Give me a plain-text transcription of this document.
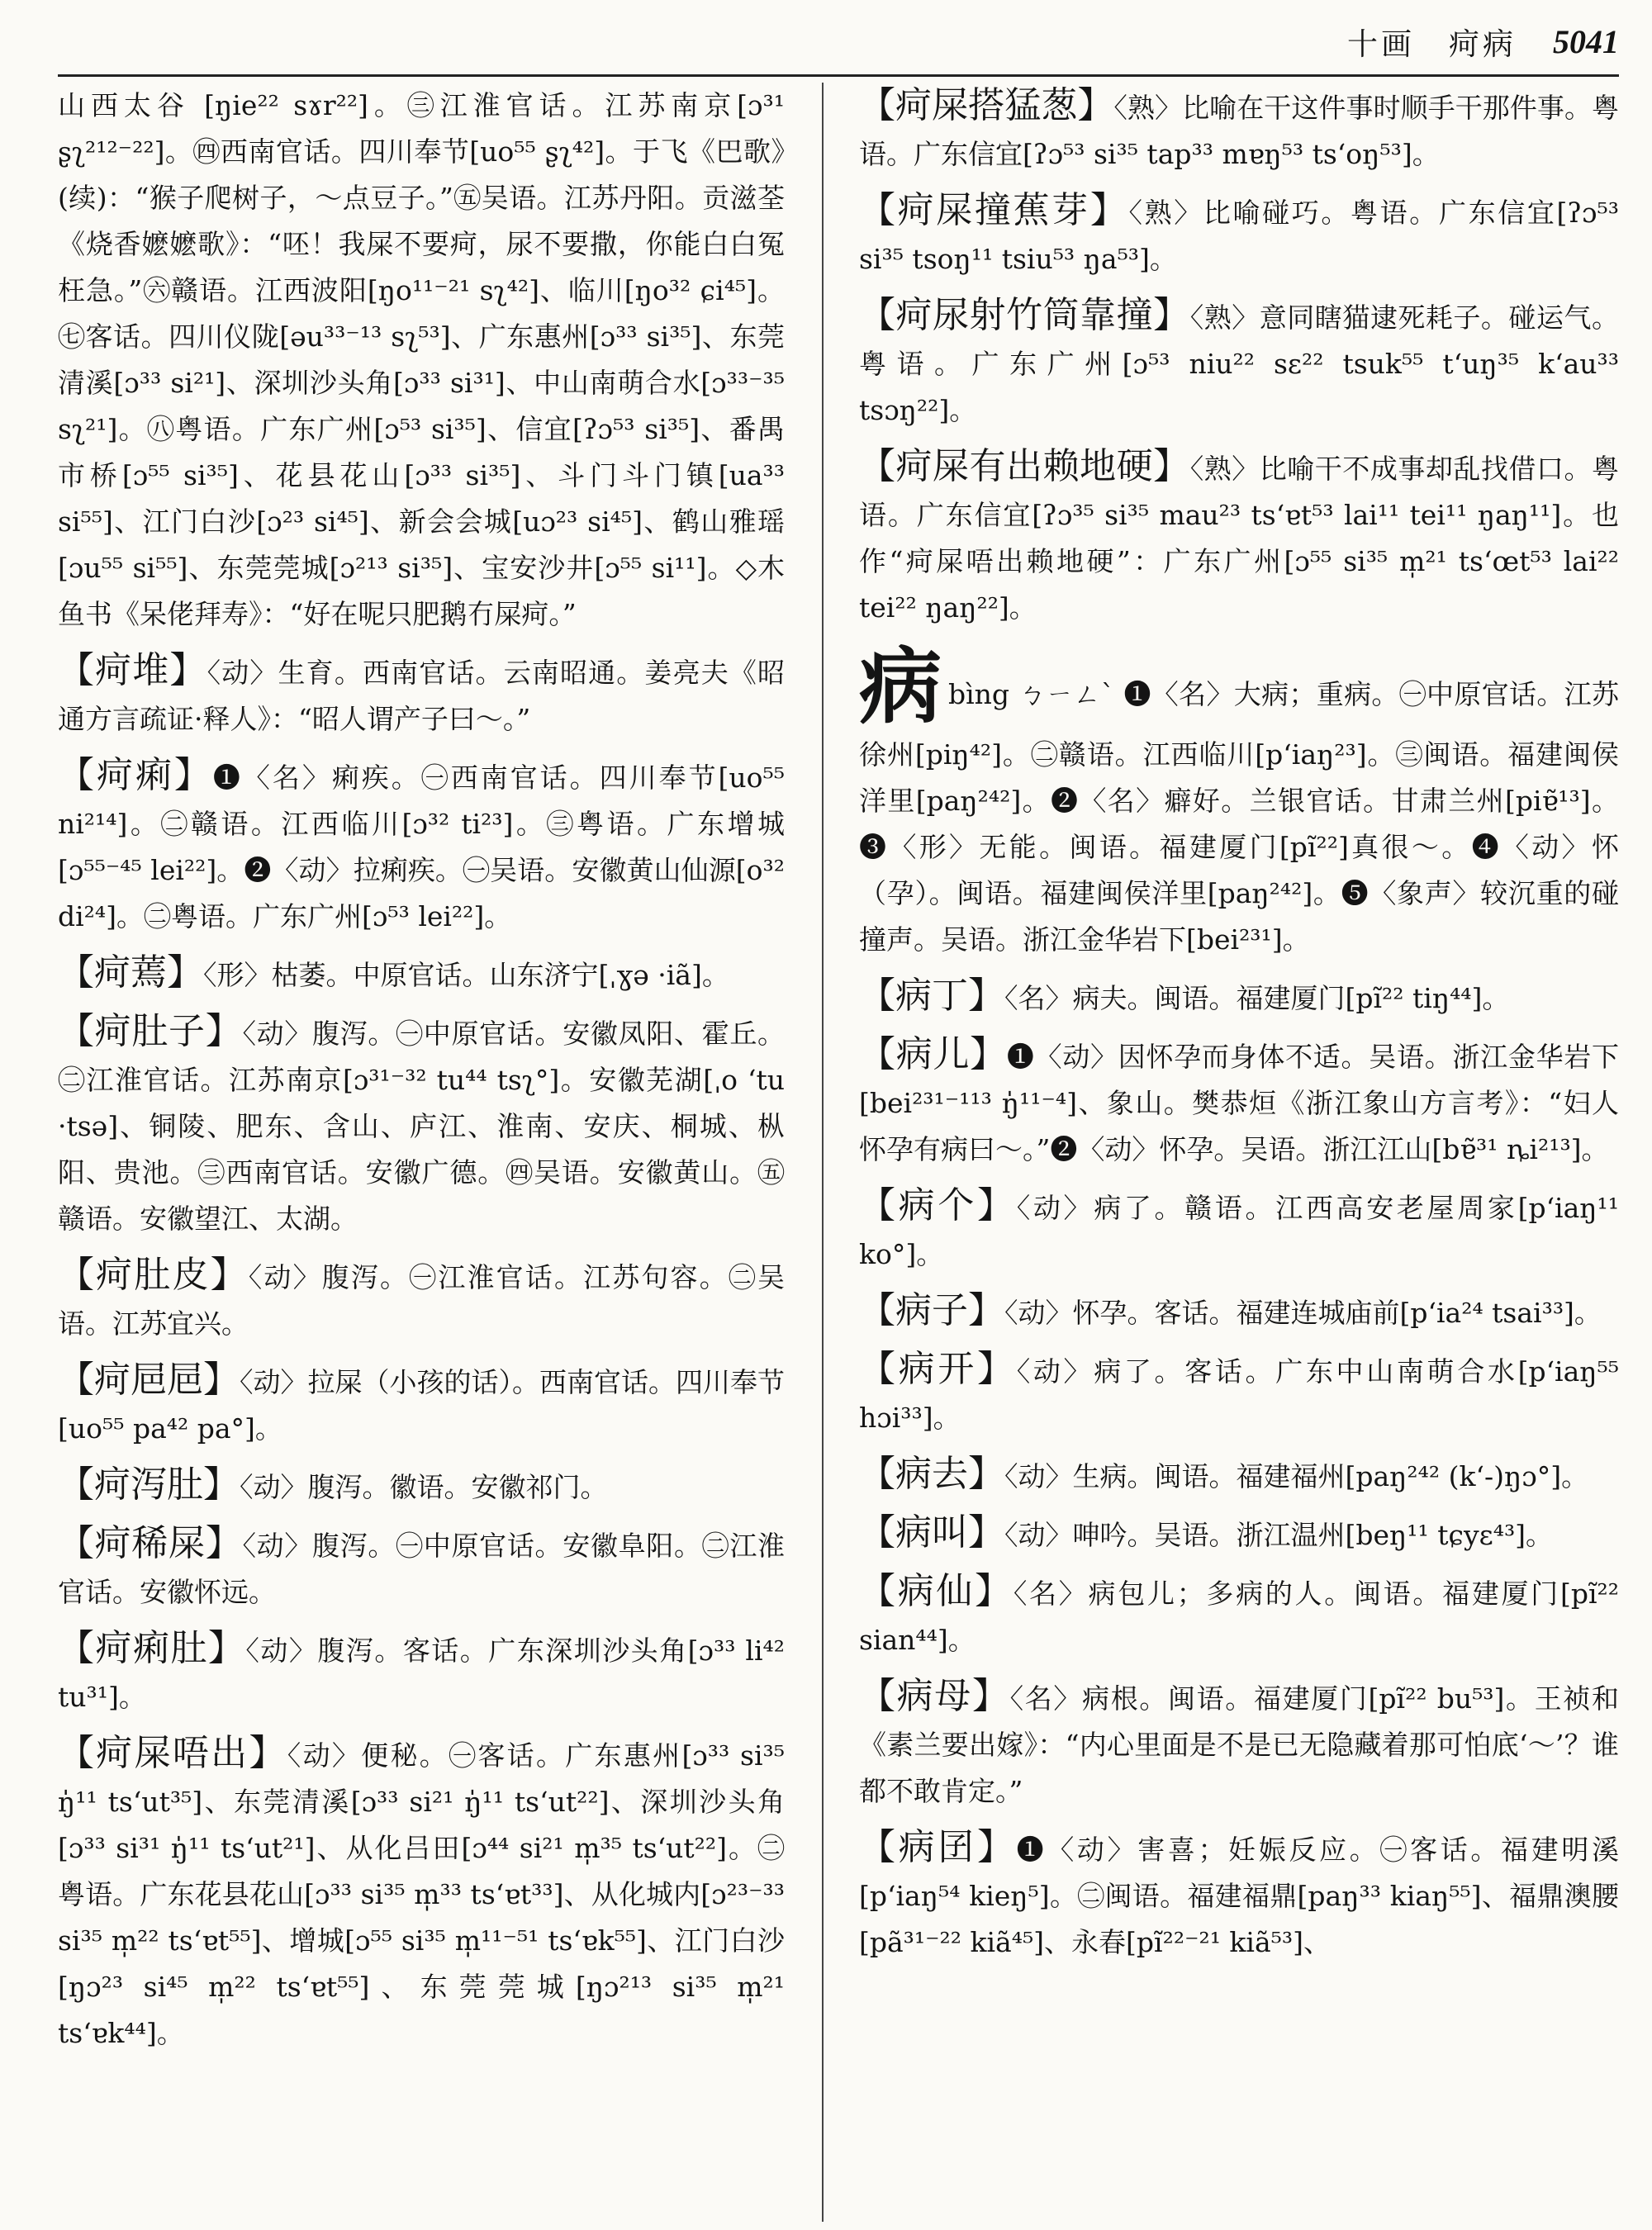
十画　疴病 5041

山西太谷 [ŋie²² sɤr²²]。㊂江淮官话。江苏南京[ɔ³¹ ʂʅ²¹²⁻²²]。㊃西南官话。四川奉节[uo⁵⁵ ʂʅ⁴²]。于飞《巴歌》(续)：“猴子爬树子，～点豆子。”㊄吴语。江苏丹阳。贡滋荃《烧香嬷嬷歌》：“呸！我屎不要疴，尿不要撒，你能白白冤枉急。”㊅赣语。江西波阳[ŋo¹¹⁻²¹ sʅ⁴²]、临川[ŋo³² ɕi⁴⁵]。㊆客话。四川仪陇[əu³³⁻¹³ sʅ⁵³]、广东惠州[ɔ³³ si³⁵]、东莞清溪[ɔ³³ si²¹]、深圳沙头角[ɔ³³ si³¹]、中山南萌合水[ɔ³³⁻³⁵ sʅ²¹]。㊇粤语。广东广州[ɔ⁵³ si³⁵]、信宜[ʔɔ⁵³ si³⁵]、番禺市桥[ɔ⁵⁵ si³⁵]、花县花山[ɔ³³ si³⁵]、斗门斗门镇[ua³³ si⁵⁵]、江门白沙[ɔ²³ si⁴⁵]、新会会城[uɔ²³ si⁴⁵]、鹤山雅瑶[ɔu⁵⁵ si⁵⁵]、东莞莞城[ɔ²¹³ si³⁵]、宝安沙井[ɔ⁵⁵ si¹¹]。◇木鱼书《呆佬拜寿》：“好在呢只肥鹅冇屎疴。”

【疴堆】〈动〉生育。西南官话。云南昭通。姜亮夫《昭通方言疏证·释人》：“昭人谓产子曰～。”

【疴痢】❶〈名〉痢疾。㊀西南官话。四川奉节[uo⁵⁵ ni²¹⁴]。㊁赣语。江西临川[ɔ³² ti²³]。㊂粤语。广东增城[ɔ⁵⁵⁻⁴⁵ lei²²]。❷〈动〉拉痢疾。㊀吴语。安徽黄山仙源[o³² di²⁴]。㊁粤语。广东广州[ɔ⁵³ lei²²]。

【疴蔫】〈形〉枯萎。中原官话。山东济宁[ˌɣə ·iã]。

【疴肚子】〈动〉腹泻。㊀中原官话。安徽凤阳、霍丘。㊁江淮官话。江苏南京[ɔ³¹⁻³² tu⁴⁴ tsʅ°]。安徽芜湖[ˌo ʻtu ·tsə]、铜陵、肥东、含山、庐江、淮南、安庆、桐城、枞阳、贵池。㊂西南官话。安徽广德。㊃吴语。安徽黄山。㊄赣语。安徽望江、太湖。

【疴肚皮】〈动〉腹泻。㊀江淮官话。江苏句容。㊁吴语。江苏宜兴。

【疴㞎㞎】〈动〉拉屎（小孩的话）。西南官话。四川奉节[uo⁵⁵ pa⁴² pa°]。

【疴泻肚】〈动〉腹泻。徽语。安徽祁门。

【疴稀屎】〈动〉腹泻。㊀中原官话。安徽阜阳。㊁江淮官话。安徽怀远。

【疴痢肚】〈动〉腹泻。客话。广东深圳沙头角[ɔ³³ li⁴² tu³¹]。

【疴屎唔出】〈动〉便秘。㊀客话。广东惠州[ɔ³³ si³⁵ ŋ̍¹¹ tsʻut³⁵]、东莞清溪[ɔ³³ si²¹ ŋ̍¹¹ tsʻut²²]、深圳沙头角[ɔ³³ si³¹ ŋ̍¹¹ tsʻut²¹]、从化吕田[ɔ⁴⁴ si²¹ m̩³⁵ tsʻut²²]。㊁粤语。广东花县花山[ɔ³³ si³⁵ m̩³³ tsʻɐt³³]、从化城内[ɔ²³⁻³³ si³⁵ m̩²² tsʻɐt⁵⁵]、增城[ɔ⁵⁵ si³⁵ m̩¹¹⁻⁵¹ tsʻɐk⁵⁵]、江门白沙[ŋɔ²³ si⁴⁵ m̩²² tsʻɐt⁵⁵]、东莞莞城[ŋɔ²¹³ si³⁵ m̩²¹ tsʻɐk⁴⁴]。

【疴屎搭猛葱】〈熟〉比喻在干这件事时顺手干那件事。粤语。广东信宜[ʔɔ⁵³ si³⁵ tap³³ mɐŋ⁵³ tsʻoŋ⁵³]。

【疴屎撞蕉芽】〈熟〉比喻碰巧。粤语。广东信宜[ʔɔ⁵³ si³⁵ tsoŋ¹¹ tsiu⁵³ ŋa⁵³]。

【疴尿射竹筒靠撞】〈熟〉意同瞎猫逮死耗子。碰运气。粤语。广东广州[ɔ⁵³ niu²² sɛ²² tsuk⁵⁵ tʻuŋ³⁵ kʻau³³ tsɔŋ²²]。

【疴屎有出赖地硬】〈熟〉比喻干不成事却乱找借口。粤语。广东信宜[ʔɔ³⁵ si³⁵ mau²³ tsʻɐt⁵³ lai¹¹ tei¹¹ ŋaŋ¹¹]。也作“疴屎唔出赖地硬”：广东广州[ɔ⁵⁵ si³⁵ m̩²¹ tsʻœt⁵³ lai²² tei²² ŋaŋ²²]。

病bìng ㄅㄧㄥˋ ❶〈名〉大病；重病。㊀中原官话。江苏徐州[piŋ⁴²]。㊁赣语。江西临川[pʻiaŋ²³]。㊂闽语。福建闽侯洋里[paŋ²⁴²]。❷〈名〉癖好。兰银官话。甘肃兰州[piɐ̃¹³]。❸〈形〉无能。闽语。福建厦门[pĩ²²]真很～。❹〈动〉怀（孕）。闽语。福建闽侯洋里[paŋ²⁴²]。❺〈象声〉较沉重的碰撞声。吴语。浙江金华岩下[bei²³¹]。

【病丁】〈名〉病夫。闽语。福建厦门[pĩ²² tiŋ⁴⁴]。

【病儿】❶〈动〉因怀孕而身体不适。吴语。浙江金华岩下[bei²³¹⁻¹¹³ ŋ̍¹¹⁻⁴]、象山。樊恭烜《浙江象山方言考》：“妇人怀孕有病曰～。”❷〈动〉怀孕。吴语。浙江江山[bɐ̃³¹ ȵi²¹³]。

【病个】〈动〉病了。赣语。江西高安老屋周家[pʻiaŋ¹¹ ko°]。

【病子】〈动〉怀孕。客话。福建连城庙前[pʻia²⁴ tsai³³]。

【病开】〈动〉病了。客话。广东中山南萌合水[pʻiaŋ⁵⁵ hɔi³³]。

【病去】〈动〉生病。闽语。福建福州[paŋ²⁴² (kʻ-)ŋɔ°]。

【病叫】〈动〉呻吟。吴语。浙江温州[beŋ¹¹ tɕyɛ⁴³]。

【病仙】〈名〉病包儿；多病的人。闽语。福建厦门[pĩ²² sian⁴⁴]。

【病母】〈名〉病根。闽语。福建厦门[pĩ²² bu⁵³]。王祯和《素兰要出嫁》：“内心里面是不是已无隐藏着那可怕底‘～’？谁都不敢肯定。”

【病囝】❶〈动〉害喜；妊娠反应。㊀客话。福建明溪[pʻiaŋ⁵⁴ kieŋ⁵]。㊁闽语。福建福鼎[paŋ³³ kiaŋ⁵⁵]、福鼎澳腰[pã³¹⁻²² kiã⁴⁵]、永春[pĩ²²⁻²¹ kiã⁵³]、
